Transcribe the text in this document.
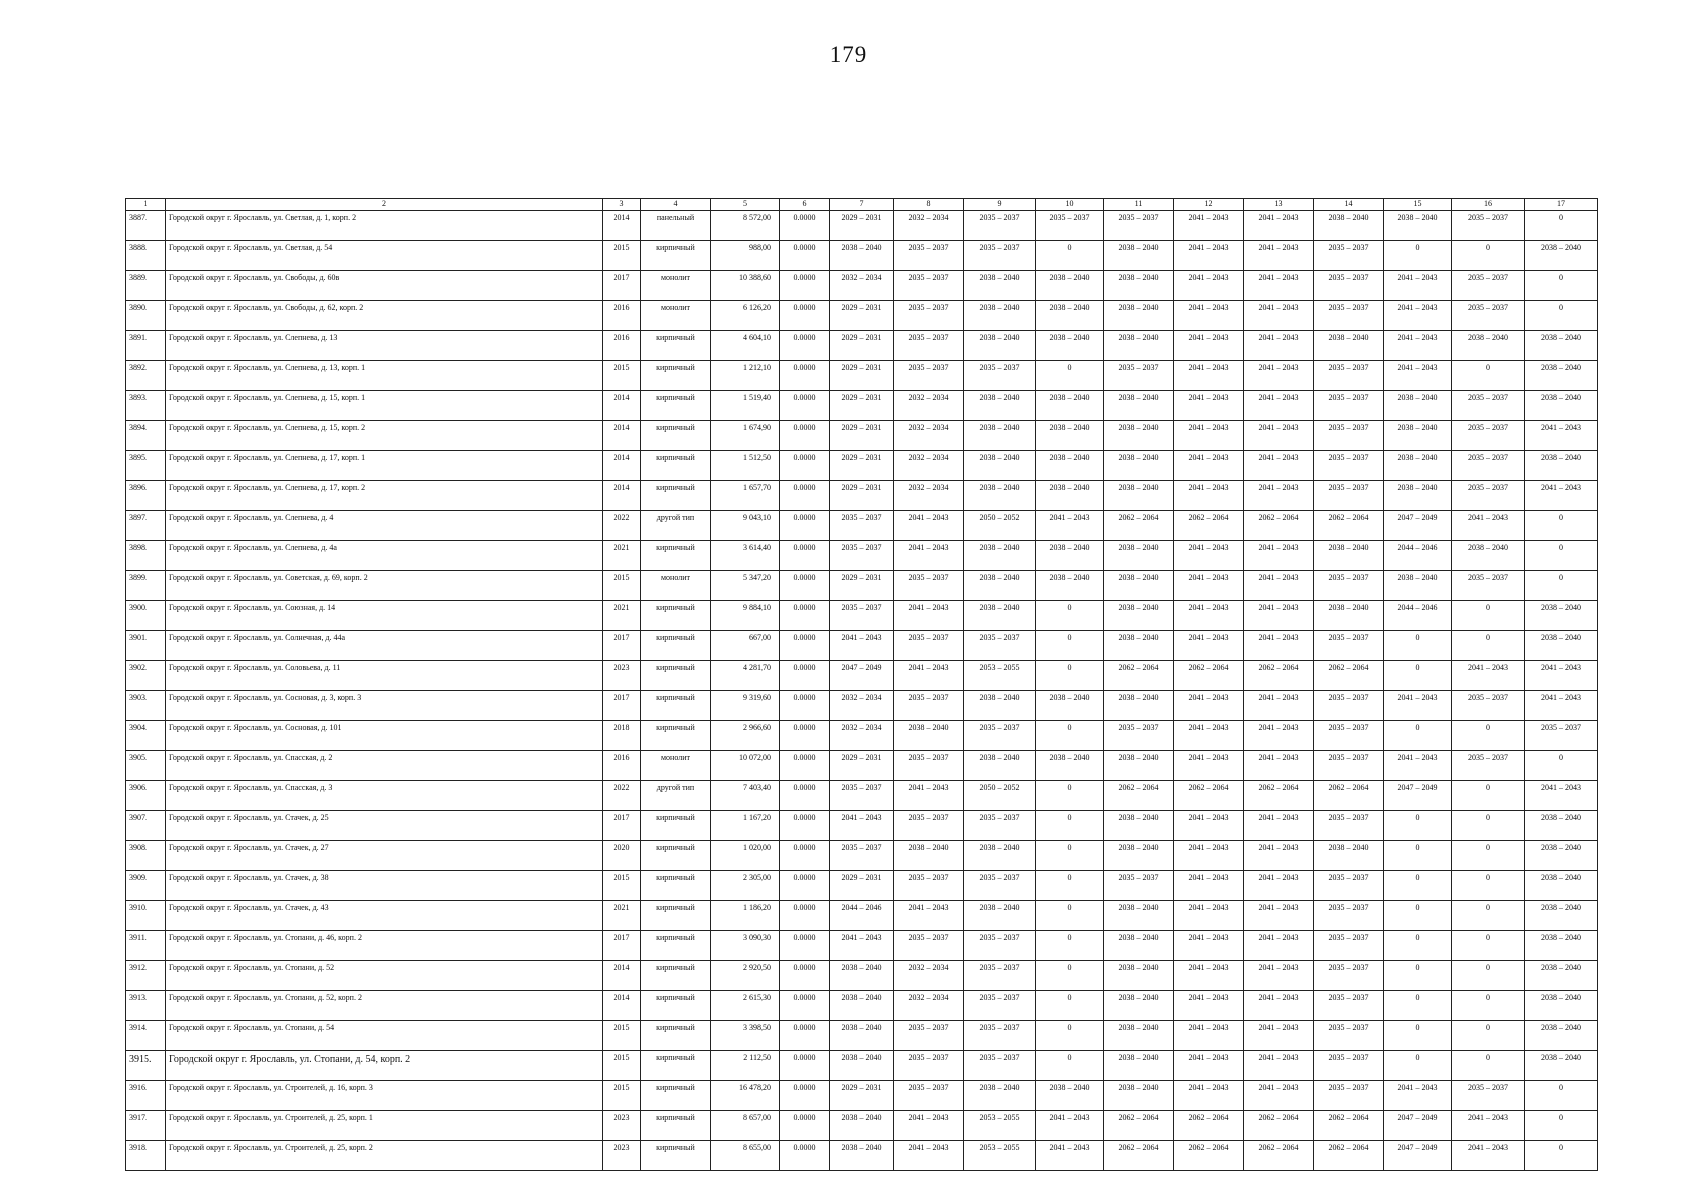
179
1	2	3	4	5	6	7	8	9	10	11	12	13	14	15	16	17
3887.	Городской округ г. Ярославль, ул. Светлая, д. 1, корп. 2	2014	панельный	8 572,00	0.0000	2029 – 2031	2032 – 2034	2035 – 2037	2035 – 2037	2035 – 2037	2041 – 2043	2041 – 2043	2038 – 2040	2038 – 2040	2035 – 2037	0
3888.	Городской округ г. Ярославль, ул. Светлая, д. 54	2015	кирпичный	988,00	0.0000	2038 – 2040	2035 – 2037	2035 – 2037	0	2038 – 2040	2041 – 2043	2041 – 2043	2035 – 2037	0	0	2038 – 2040
3889.	Городской округ г. Ярославль, ул. Свободы, д. 60в	2017	монолит	10 388,60	0.0000	2032 – 2034	2035 – 2037	2038 – 2040	2038 – 2040	2038 – 2040	2041 – 2043	2041 – 2043	2035 – 2037	2041 – 2043	2035 – 2037	0
3890.	Городской округ г. Ярославль, ул. Свободы, д. 62, корп. 2	2016	монолит	6 126,20	0.0000	2029 – 2031	2035 – 2037	2038 – 2040	2038 – 2040	2038 – 2040	2041 – 2043	2041 – 2043	2035 – 2037	2041 – 2043	2035 – 2037	0
3891.	Городской округ г. Ярославль, ул. Слепнева, д. 13	2016	кирпичный	4 604,10	0.0000	2029 – 2031	2035 – 2037	2038 – 2040	2038 – 2040	2038 – 2040	2041 – 2043	2041 – 2043	2038 – 2040	2041 – 2043	2038 – 2040	2038 – 2040
3892.	Городской округ г. Ярославль, ул. Слепнева, д. 13, корп. 1	2015	кирпичный	1 212,10	0.0000	2029 – 2031	2035 – 2037	2035 – 2037	0	2035 – 2037	2041 – 2043	2041 – 2043	2035 – 2037	2041 – 2043	0	2038 – 2040
3893.	Городской округ г. Ярославль, ул. Слепнева, д. 15, корп. 1	2014	кирпичный	1 519,40	0.0000	2029 – 2031	2032 – 2034	2038 – 2040	2038 – 2040	2038 – 2040	2041 – 2043	2041 – 2043	2035 – 2037	2038 – 2040	2035 – 2037	2038 – 2040
3894.	Городской округ г. Ярославль, ул. Слепнева, д. 15, корп. 2	2014	кирпичный	1 674,90	0.0000	2029 – 2031	2032 – 2034	2038 – 2040	2038 – 2040	2038 – 2040	2041 – 2043	2041 – 2043	2035 – 2037	2038 – 2040	2035 – 2037	2041 – 2043
3895.	Городской округ г. Ярославль, ул. Слепнева, д. 17, корп. 1	2014	кирпичный	1 512,50	0.0000	2029 – 2031	2032 – 2034	2038 – 2040	2038 – 2040	2038 – 2040	2041 – 2043	2041 – 2043	2035 – 2037	2038 – 2040	2035 – 2037	2038 – 2040
3896.	Городской округ г. Ярославль, ул. Слепнева, д. 17, корп. 2	2014	кирпичный	1 657,70	0.0000	2029 – 2031	2032 – 2034	2038 – 2040	2038 – 2040	2038 – 2040	2041 – 2043	2041 – 2043	2035 – 2037	2038 – 2040	2035 – 2037	2041 – 2043
3897.	Городской округ г. Ярославль, ул. Слепнева, д. 4	2022	другой тип	9 043,10	0.0000	2035 – 2037	2041 – 2043	2050 – 2052	2041 – 2043	2062 – 2064	2062 – 2064	2062 – 2064	2062 – 2064	2047 – 2049	2041 – 2043	0
3898.	Городской округ г. Ярославль, ул. Слепнева, д. 4а	2021	кирпичный	3 614,40	0.0000	2035 – 2037	2041 – 2043	2038 – 2040	2038 – 2040	2038 – 2040	2041 – 2043	2041 – 2043	2038 – 2040	2044 – 2046	2038 – 2040	0
3899.	Городской округ г. Ярославль, ул. Советская, д. 69, корп. 2	2015	монолит	5 347,20	0.0000	2029 – 2031	2035 – 2037	2038 – 2040	2038 – 2040	2038 – 2040	2041 – 2043	2041 – 2043	2035 – 2037	2038 – 2040	2035 – 2037	0
3900.	Городской округ г. Ярославль, ул. Союзная, д. 14	2021	кирпичный	9 884,10	0.0000	2035 – 2037	2041 – 2043	2038 – 2040	0	2038 – 2040	2041 – 2043	2041 – 2043	2038 – 2040	2044 – 2046	0	2038 – 2040
3901.	Городской округ г. Ярославль, ул. Солнечная, д. 44а	2017	кирпичный	667,00	0.0000	2041 – 2043	2035 – 2037	2035 – 2037	0	2038 – 2040	2041 – 2043	2041 – 2043	2035 – 2037	0	0	2038 – 2040
3902.	Городской округ г. Ярославль, ул. Соловьева, д. 11	2023	кирпичный	4 281,70	0.0000	2047 – 2049	2041 – 2043	2053 – 2055	0	2062 – 2064	2062 – 2064	2062 – 2064	2062 – 2064	0	2041 – 2043	2041 – 2043
3903.	Городской округ г. Ярославль, ул. Сосновая, д. 3, корп. 3	2017	кирпичный	9 319,60	0.0000	2032 – 2034	2035 – 2037	2038 – 2040	2038 – 2040	2038 – 2040	2041 – 2043	2041 – 2043	2035 – 2037	2041 – 2043	2035 – 2037	2041 – 2043
3904.	Городской округ г. Ярославль, ул. Сосновая, д. 101	2018	кирпичный	2 966,60	0.0000	2032 – 2034	2038 – 2040	2035 – 2037	0	2035 – 2037	2041 – 2043	2041 – 2043	2035 – 2037	0	0	2035 – 2037
3905.	Городской округ г. Ярославль, ул. Спасская, д. 2	2016	монолит	10 072,00	0.0000	2029 – 2031	2035 – 2037	2038 – 2040	2038 – 2040	2038 – 2040	2041 – 2043	2041 – 2043	2035 – 2037	2041 – 2043	2035 – 2037	0
3906.	Городской округ г. Ярославль, ул. Спасская, д. 3	2022	другой тип	7 403,40	0.0000	2035 – 2037	2041 – 2043	2050 – 2052	0	2062 – 2064	2062 – 2064	2062 – 2064	2062 – 2064	2047 – 2049	0	2041 – 2043
3907.	Городской округ г. Ярославль, ул. Стачек, д. 25	2017	кирпичный	1 167,20	0.0000	2041 – 2043	2035 – 2037	2035 – 2037	0	2038 – 2040	2041 – 2043	2041 – 2043	2035 – 2037	0	0	2038 – 2040
3908.	Городской округ г. Ярославль, ул. Стачек, д. 27	2020	кирпичный	1 020,00	0.0000	2035 – 2037	2038 – 2040	2038 – 2040	0	2038 – 2040	2041 – 2043	2041 – 2043	2038 – 2040	0	0	2038 – 2040
3909.	Городской округ г. Ярославль, ул. Стачек, д. 38	2015	кирпичный	2 305,00	0.0000	2029 – 2031	2035 – 2037	2035 – 2037	0	2035 – 2037	2041 – 2043	2041 – 2043	2035 – 2037	0	0	2038 – 2040
3910.	Городской округ г. Ярославль, ул. Стачек, д. 43	2021	кирпичный	1 186,20	0.0000	2044 – 2046	2041 – 2043	2038 – 2040	0	2038 – 2040	2041 – 2043	2041 – 2043	2035 – 2037	0	0	2038 – 2040
3911.	Городской округ г. Ярославль, ул. Стопани, д. 46, корп. 2	2017	кирпичный	3 090,30	0.0000	2041 – 2043	2035 – 2037	2035 – 2037	0	2038 – 2040	2041 – 2043	2041 – 2043	2035 – 2037	0	0	2038 – 2040
3912.	Городской округ г. Ярославль, ул. Стопани, д. 52	2014	кирпичный	2 920,50	0.0000	2038 – 2040	2032 – 2034	2035 – 2037	0	2038 – 2040	2041 – 2043	2041 – 2043	2035 – 2037	0	0	2038 – 2040
3913.	Городской округ г. Ярославль, ул. Стопани, д. 52, корп. 2	2014	кирпичный	2 615,30	0.0000	2038 – 2040	2032 – 2034	2035 – 2037	0	2038 – 2040	2041 – 2043	2041 – 2043	2035 – 2037	0	0	2038 – 2040
3914.	Городской округ г. Ярославль, ул. Стопани, д. 54	2015	кирпичный	3 398,50	0.0000	2038 – 2040	2035 – 2037	2035 – 2037	0	2038 – 2040	2041 – 2043	2041 – 2043	2035 – 2037	0	0	2038 – 2040
3915.	Городской округ г. Ярославль, ул. Стопани, д. 54, корп. 2	2015	кирпичный	2 112,50	0.0000	2038 – 2040	2035 – 2037	2035 – 2037	0	2038 – 2040	2041 – 2043	2041 – 2043	2035 – 2037	0	0	2038 – 2040
3916.	Городской округ г. Ярославль, ул. Строителей, д. 16, корп. 3	2015	кирпичный	16 478,20	0.0000	2029 – 2031	2035 – 2037	2038 – 2040	2038 – 2040	2038 – 2040	2041 – 2043	2041 – 2043	2035 – 2037	2041 – 2043	2035 – 2037	0
3917.	Городской округ г. Ярославль, ул. Строителей, д. 25, корп. 1	2023	кирпичный	8 657,00	0.0000	2038 – 2040	2041 – 2043	2053 – 2055	2041 – 2043	2062 – 2064	2062 – 2064	2062 – 2064	2062 – 2064	2047 – 2049	2041 – 2043	0
3918.	Городской округ г. Ярославль, ул. Строителей, д. 25, корп. 2	2023	кирпичный	8 655,00	0.0000	2038 – 2040	2041 – 2043	2053 – 2055	2041 – 2043	2062 – 2064	2062 – 2064	2062 – 2064	2062 – 2064	2047 – 2049	2041 – 2043	0
